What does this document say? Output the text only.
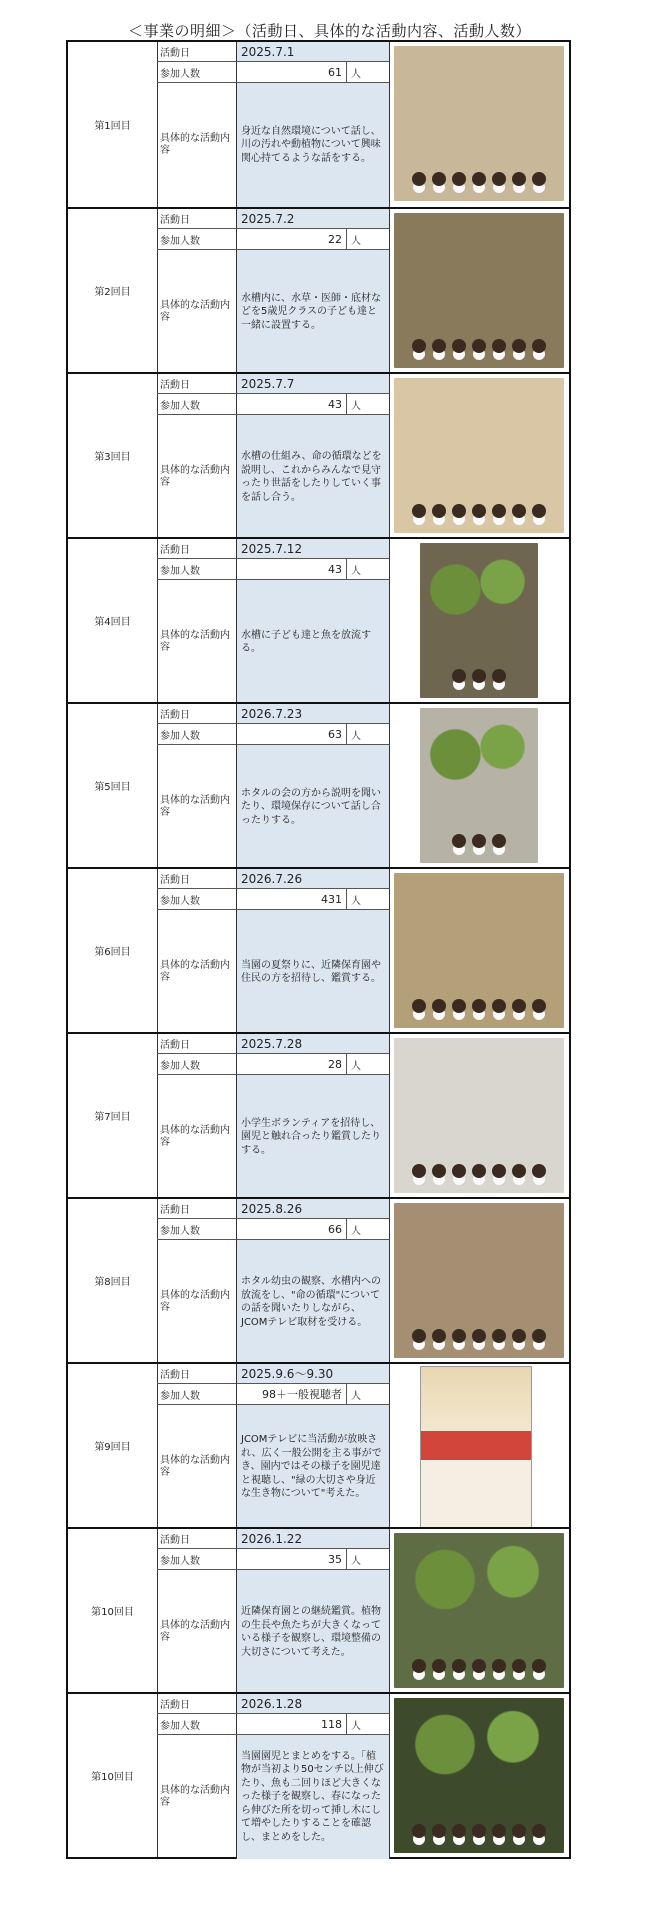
＜事業の明細＞（活動日、具体的な活動内容、活動人数）
第1回目
活動日
参加人数
具体的な活動内容
2025.7.1
61 人
身近な自然環境について話し、川の汚れや動植物について興味関心持てるような話をする。
第2回目
活動日
参加人数
具体的な活動内容
2025.7.2
22 人
水槽内に、水草・医師・底材などを5歳児クラスの子ども達と一緒に設置する。
第3回目
活動日
参加人数
具体的な活動内容
2025.7.7
43 人
水槽の仕組み、命の循環などを説明し、これからみんなで見守ったり世話をしたりしていく事を話し合う。
第4回目
活動日
参加人数
具体的な活動内容
2025.7.12
43 人
水槽に子ども達と魚を放流する。
第5回目
活動日
参加人数
具体的な活動内容
2026.7.23
63 人
ホタルの会の方から説明を聞いたり、環境保存について話し合ったりする。
第6回目
活動日
参加人数
具体的な活動内容
2026.7.26
431 人
当園の夏祭りに、近隣保育園や住民の方を招待し、鑑賞する。
第7回目
活動日
参加人数
具体的な活動内容
2025.7.28
28 人
小学生ボランティアを招待し、園児と触れ合ったり鑑賞したりする。
第8回目
活動日
参加人数
具体的な活動内容
2025.8.26
66 人
ホタル幼虫の観察、水槽内への放流をし、"命の循環"についての話を聞いたりしながら、JCOMテレビ取材を受ける。
第9回目
活動日
参加人数
具体的な活動内容
2025.9.6～9.30
98＋一般視聴者 人
JCOMテレビに当活動が放映され、広く一般公開を主る事ができ、園内ではその様子を園児達と視聴し、"緑の大切さや身近な生き物について"考えた。
第10回目
活動日
参加人数
具体的な活動内容
2026.1.22
35 人
近隣保育園との継続鑑賞。植物の生長や魚たちが大きくなっている様子を観察し、環境整備の大切さについて考えた。
第10回目
活動日
参加人数
具体的な活動内容
2026.1.28
118 人
当園園児とまとめをする。「植物が当初より50センチ以上伸びたり、魚も二回りほど大きくなった様子を観察し、春になったら伸びた所を切って挿し木にして増やしたりすることを確認し、まとめをした。
